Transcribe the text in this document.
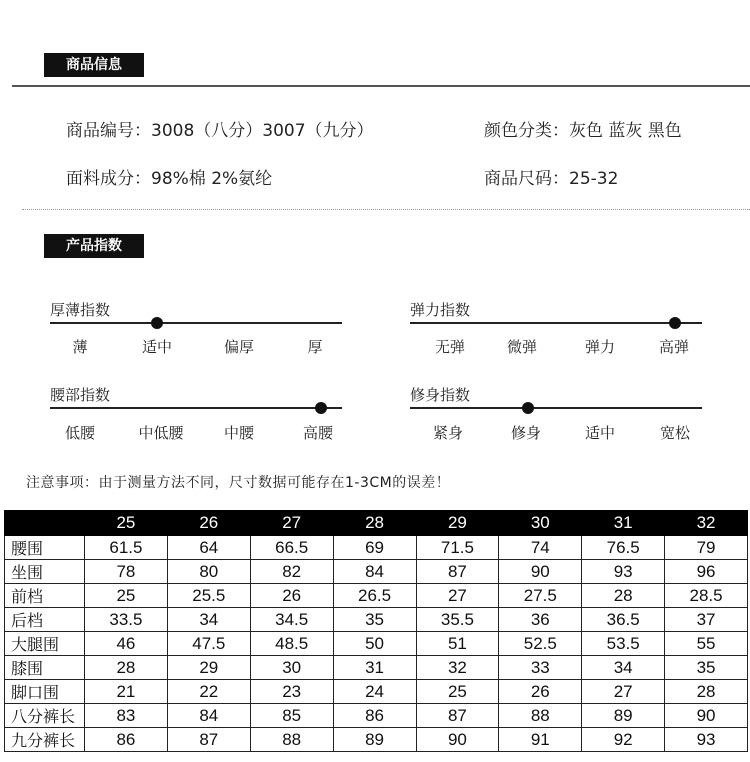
商品信息
商品编号：3008（八分）3007（九分）	颜色分类：灰色 蓝灰 黑色
面料成分：98%棉 2%氨纶	商品尺码：25-32
产品指数
厚薄指数
薄	适中	偏厚	厚
弹力指数
无弹	微弹	弹力	高弹
腰部指数
低腰	中低腰	中腰	高腰
修身指数
紧身	修身	适中	宽松
注意事项：由于测量方法不同，尺寸数据可能存在1-3CM的误差！
	25	26	27	28	29	30	31	32
腰围	61.5	64	66.5	69	71.5	74	76.5	79
坐围	78	80	82	84	87	90	93	96
前档	25	25.5	26	26.5	27	27.5	28	28.5
后档	33.5	34	34.5	35	35.5	36	36.5	37
大腿围	46	47.5	48.5	50	51	52.5	53.5	55
膝围	28	29	30	31	32	33	34	35
脚口围	21	22	23	24	25	26	27	28
八分裤长	83	84	85	86	87	88	89	90
九分裤长	86	87	88	89	90	91	92	93
